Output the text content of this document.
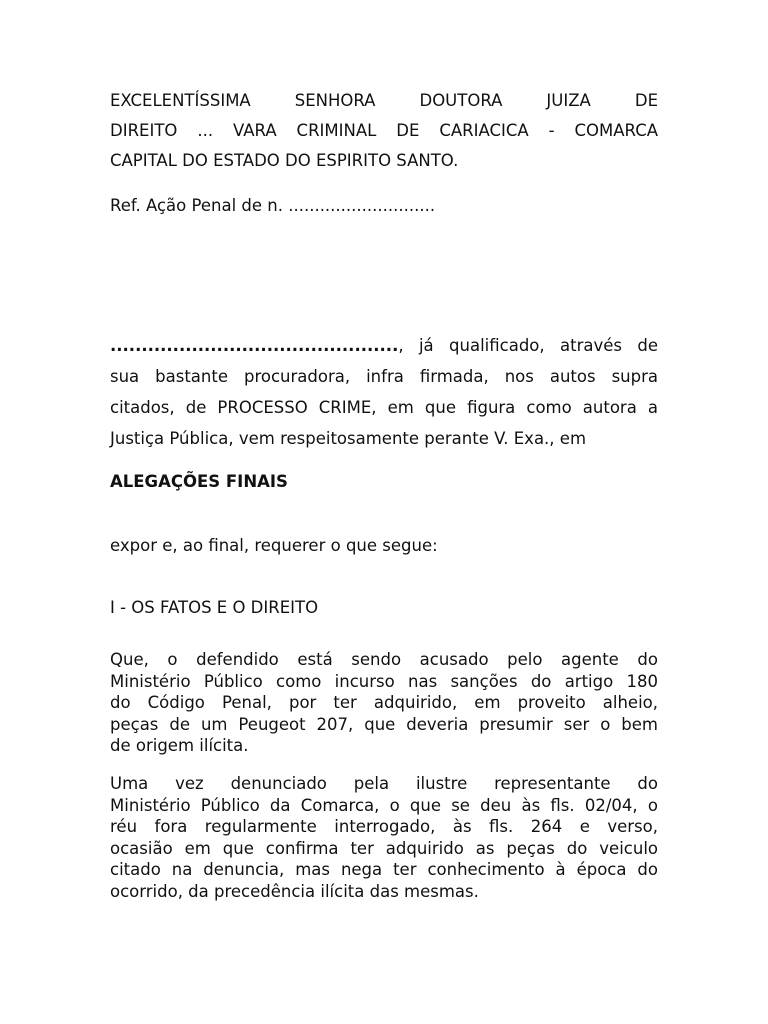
EXCELENTÍSSIMA SENHORA DOUTORA JUIZA DE
DIREITO ... VARA CRIMINAL DE CARIACICA - COMARCA
CAPITAL DO ESTADO DO ESPIRITO SANTO.

Ref. Ação Penal de n. ............................

.............................................., já qualificado, através de
sua bastante procuradora, infra firmada, nos autos supra
citados, de PROCESSO CRIME, em que figura como autora a
Justiça Pública, vem respeitosamente perante V. Exa., em

ALEGAÇÕES FINAIS

expor e, ao final, requerer o que segue:

I - OS FATOS E O DIREITO

Que, o defendido está sendo acusado pelo agente do
Ministério Público como incurso nas sanções do artigo 180
do Código Penal, por ter adquirido, em proveito alheio,
peças de um Peugeot 207, que deveria presumir ser o bem
de origem ilícita.

Uma vez denunciado pela ilustre representante do
Ministério Público da Comarca, o que se deu às fls. 02/04, o
réu fora regularmente interrogado, às fls. 264 e verso,
ocasião em que confirma ter adquirido as peças do veiculo
citado na denuncia, mas nega ter conhecimento à época do
ocorrido, da precedência ilícita das mesmas.
